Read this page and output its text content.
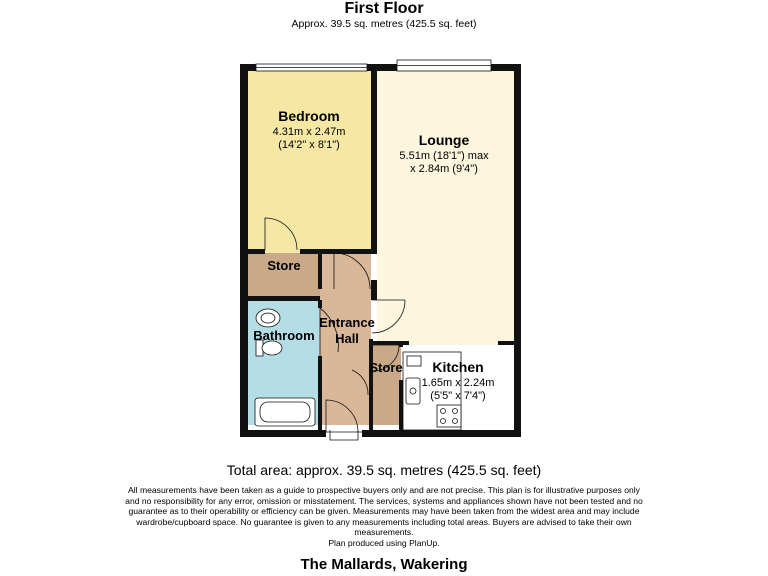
First Floor
Approx. 39.5 sq. metres (425.5 sq. feet)
Bedroom
4.31m x 2.47m
(14'2" x 8'1")	Lounge
5.51m (18'1") max
x 2.84m (9'4")
Store
Entrance
Hall
Bathroom
Store Kitchen
1.65m x 2.24m
(5'5" x 7'4")
Total area: approx. 39.5 sq. metres (425.5 sq. feet)
All measurements have been taken as a guide to prospective buyers only and are not precise. This plan is for illustrative purposes only and no responsibility for any error, omission or misstatement. The services, systems and appliances shown have not been tested and no guarantee as to their operability or efficiency can be given. Measurements may have been taken from the widest area and may include wardrobe/cupboard space. No guarantee is given to any measurements including total areas. Buyers are advised to take their own measurements.
Plan produced using PlanUp.
The Mallards, Wakering
